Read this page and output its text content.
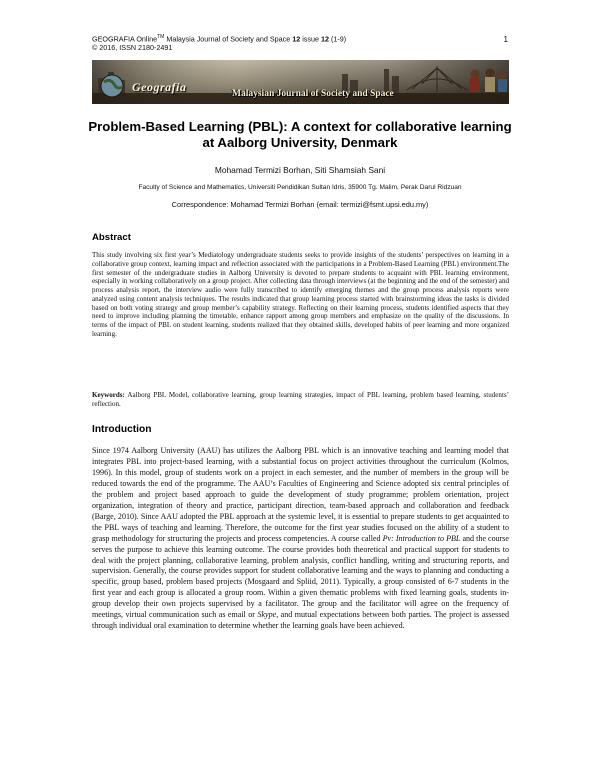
GEOGRAFIA Online™ Malaysia Journal of Society and Space 12 issue 12 (1-9)
© 2016, ISSN 2180-2491
1
Geografia	Malaysian Journal of Society and Space
Problem-Based Learning (PBL): A context for collaborative learning
at Aalborg University, Denmark
Mohamad Termizi Borhan, Siti Shamsiah Sani
Faculty of Science and Mathematics, Universiti Pendidikan Sultan Idris, 35900 Tg. Malim, Perak Darul Ridzuan
Correspondence: Mohamad Termizi Borhan (email: termizi@fsmt.upsi.edu.my)
Abstract
This study involving six first year’s Mediatology undergraduate students seeks to provide insights of the students’ perspectives on learning in a collaborative group context, learning impact and reflection associated with the participations in a Problem-Based Learning (PBL) environment.The first semester of the undergraduate studies in Aalborg University is devoted to prepare students to acquaint with PBL learning environment, especially in working collaboratively on a group project. After collecting data through interviews (at the beginning and the end of the semester) and process analysis report, the interview audio were fully transcribed to identify emerging themes and the group process analysis reports were analyzed using content analysis techniques. The results indicated that group learning process started with brainstorming ideas the tasks is divided based on both voting strategy and group member’s capability strategy. Reflecting on their learning process, students identified aspects that they need to improve including planning the timetable, enhance rapport among group members and emphasize on the quality of the discussions. In terms of the impact of PBL on student learning, students realized that they obtained skills, developed habits of peer learning and more organized learning.
Keywords: Aalborg PBL Model, collaborative learning, group learning strategies, impact of PBL learning, problem based learning, students’ reflection.
Introduction
Since 1974 Aalborg University (AAU) has utilizes the Aalborg PBL which is an innovative teaching and learning model that integrates PBL into project-based learning, with a substantial focus on project activities throughout the curriculum (Kolmos, 1996). In this model, group of students work on a project in each semester, and the number of members in the group will be reduced towards the end of the programme. The AAU’s Faculties of Engineering and Science adopted six central principles of the problem and project based approach to guide the development of study programme; problem orientation, project organization, integration of theory and practice, participant direction, team-based approach and collaboration and feedback (Barge, 2010). Since AAU adopted the PBL approach at the systemic level, it is essential to prepare students to get acquainted to the PBL ways of teaching and learning. Therefore, the outcome for the first year studies focused on the ability of a student to grasp methodology for structuring the projects and process competencies. A course called Pv: Introduction to PBL and the course serves the purpose to achieve this learning outcome. The course provides both theoretical and practical support for students to deal with the project planning, collaborative learning, problem analysis, conflict handling, writing and structuring reports, and supervision. Generally, the course provides support for student collaborative learning and the ways to planning and conducting a specific, group based, problem based projects (Mosgaard and Spliid, 2011). Typically, a group consisted of 6-7 students in the first year and each group is allocated a group room. Within a given thematic problems with fixed learning goals, students in-group develop their own projects supervised by a facilitator. The group and the facilitator will agree on the frequency of meetings, virtual communication such as email or Skype, and mutual expectations between both parties. The project is assessed through individual oral examination to determine whether the learning goals have been achieved.
